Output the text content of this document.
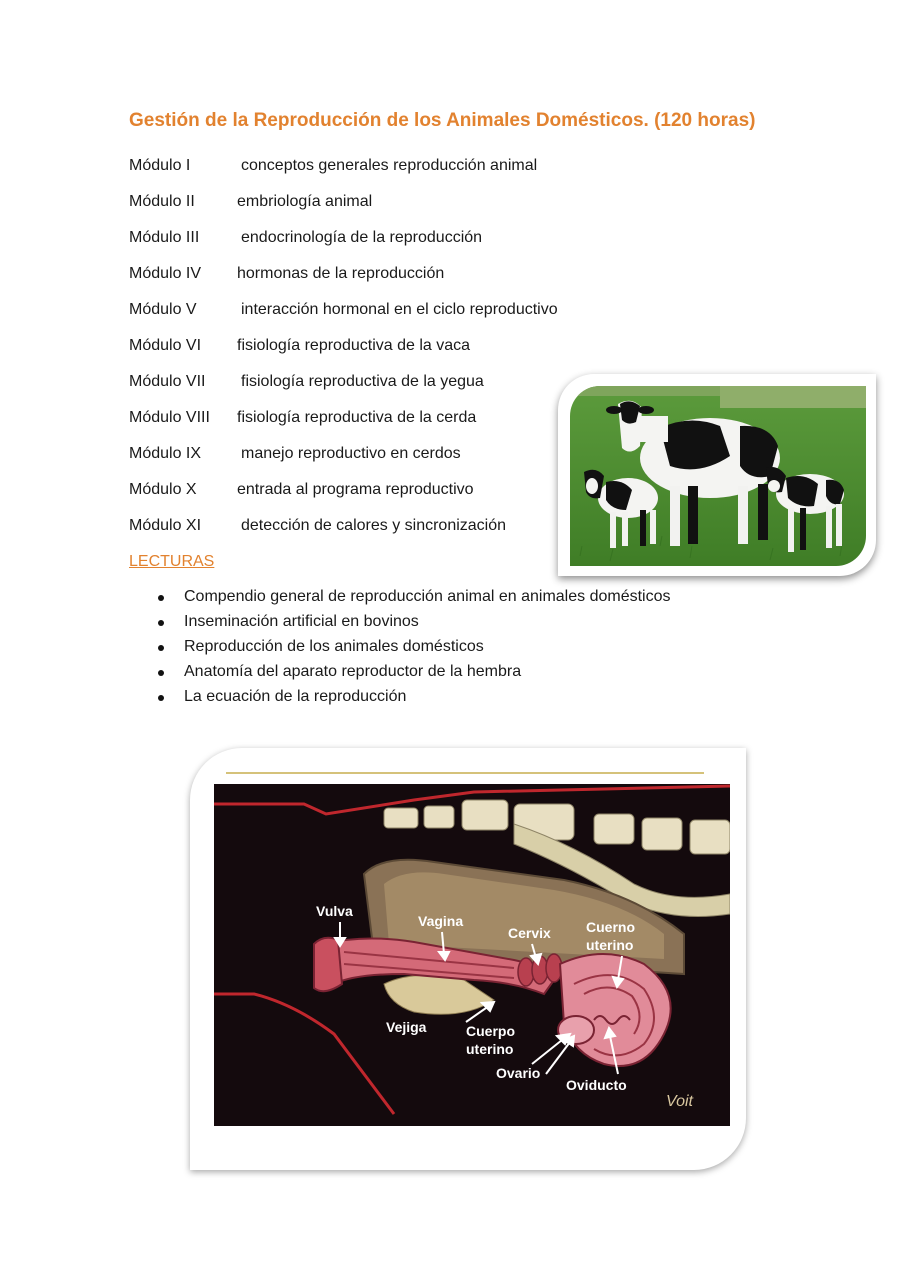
Gestión de la Reproducción de los Animales Domésticos. (120 horas)
Módulo I	conceptos generales reproducción animal
Módulo II	embriología animal
Módulo III	endocrinología de la reproducción
Módulo IV hormonas de la reproducción
Módulo V	interacción hormonal en el ciclo reproductivo
Módulo VI fisiología reproductiva de la vaca
Módulo VII fisiología reproductiva de la yegua
Módulo VIII fisiología reproductiva de la cerda
Módulo IX manejo reproductivo en cerdos
Módulo X	entrada al programa reproductivo
Módulo XI detección de calores y sincronización
LECTURAS
Compendio general de reproducción animal en animales domésticos
Inseminación artificial en bovinos
Reproducción de los animales domésticos
Anatomía del aparato reproductor de la hembra
La ecuación de la reproducción
Vulva
Vagina
Cervix	Cuerno
uterino
Vejiga	Cuerpo
uterino
Ovario
Oviducto
Voit
